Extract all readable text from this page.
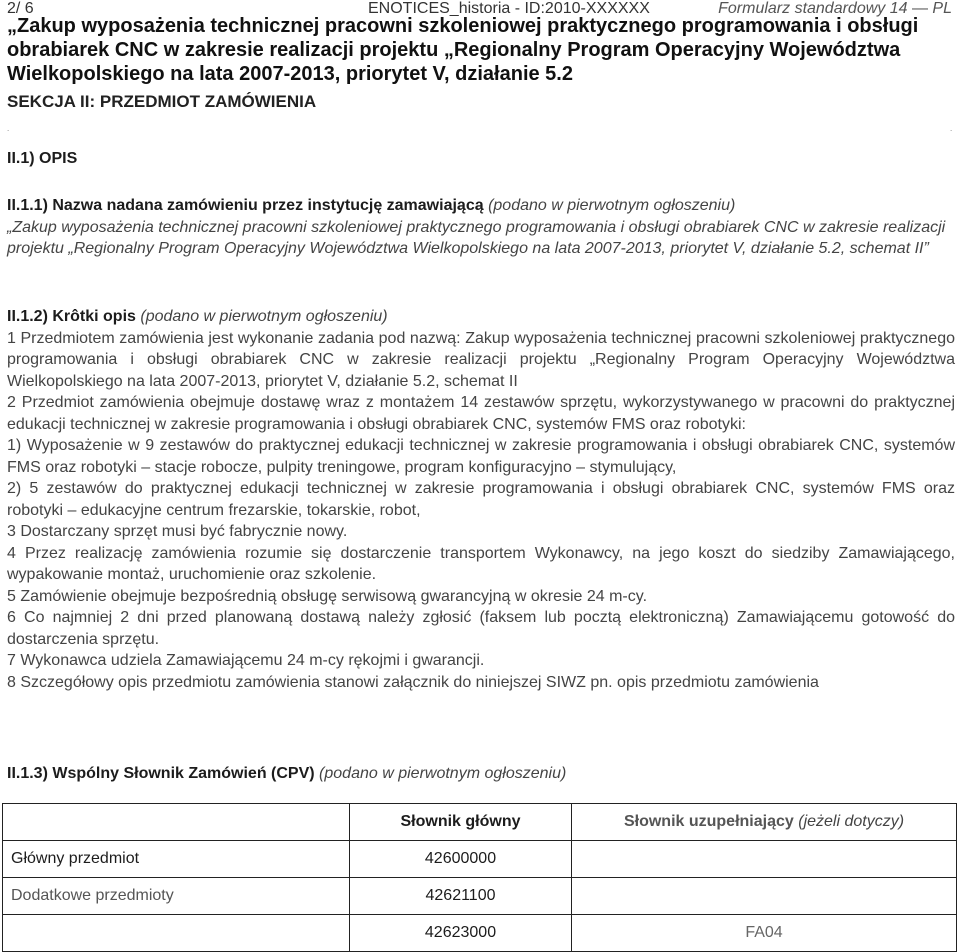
2/ 6	ENOTICES_historia - ID:2010-XXXXXX	Formularz standardowy 14 — PL
„Zakup wyposażenia technicznej pracowni szkoleniowej praktycznego programowania i obsługi obrabiarek CNC w zakresie realizacji projektu „Regionalny Program Operacyjny Województwa Wielkopolskiego na lata 2007-2013, priorytet V, działanie 5.2
SEKCJA II: PRZEDMIOT ZAMÓWIENIA
.	.
II.1) OPIS

II.1.1) Nazwa nadana zamówieniu przez instytucję zamawiającą (podano w pierwotnym ogłoszeniu)

„Zakup wyposażenia technicznej pracowni szkoleniowej praktycznego programowania i obsługi obrabiarek CNC w zakresie realizacji projektu „Regionalny Program Operacyjny Województwa Wielkopolskiego na lata 2007-2013, priorytet V, działanie 5.2, schemat II”

II.1.2) Krôtki opis (podano w pierwotnym ogłoszeniu)

1 Przedmiotem zamówienia jest wykonanie zadania pod nazwą: Zakup wyposażenia technicznej pracowni szkoleniowej praktycznego programowania i obsługi obrabiarek CNC w zakresie realizacji projektu „Regionalny Program Operacyjny Województwa Wielkopolskiego na lata 2007-2013, priorytet V, działanie 5.2, schemat II

2 Przedmiot zamówienia obejmuje dostawę wraz z montażem 14 zestawów sprzętu, wykorzystywanego w pracowni do praktycznej edukacji technicznej w zakresie programowania i obsługi obrabiarek CNC, systemów FMS oraz robotyki:

1) Wyposażenie w 9 zestawów do praktycznej edukacji technicznej w zakresie programowania i obsługi obrabiarek CNC, systemów FMS oraz robotyki – stacje robocze, pulpity treningowe, program konfiguracyjno – stymulujący,

2) 5 zestawów do praktycznej edukacji technicznej w zakresie programowania i obsługi obrabiarek CNC, systemów FMS oraz robotyki – edukacyjne centrum frezarskie, tokarskie, robot,

3 Dostarczany sprzęt musi być fabrycznie nowy.

4 Przez realizację zamówienia rozumie się dostarczenie transportem Wykonawcy, na jego koszt do siedziby Zamawiającego, wypakowanie montaż, uruchomienie oraz szkolenie.

5 Zamówienie obejmuje bezpośrednią obsługę serwisową gwarancyjną w okresie 24 m-cy.

6 Co najmniej 2 dni przed planowaną dostawą należy zgłosić (faksem lub pocztą elektroniczną) Zamawiającemu gotowość do dostarczenia sprzętu.

7 Wykonawca udziela Zamawiającemu 24 m-cy rękojmi i gwarancji.

8 Szczegółowy opis przedmiotu zamówienia stanowi załącznik do niniejszej SIWZ pn. opis przedmiotu zamówienia

II.1.3) Wspólny Słownik Zamówień (CPV) (podano w pierwotnym ogłoszeniu)
	Słownik główny	Słownik uzupełniający (jeżeli dotyczy)
Główny przedmiot	42600000	
Dodatkowe przedmioty	42621100	
	42623000	FA04
